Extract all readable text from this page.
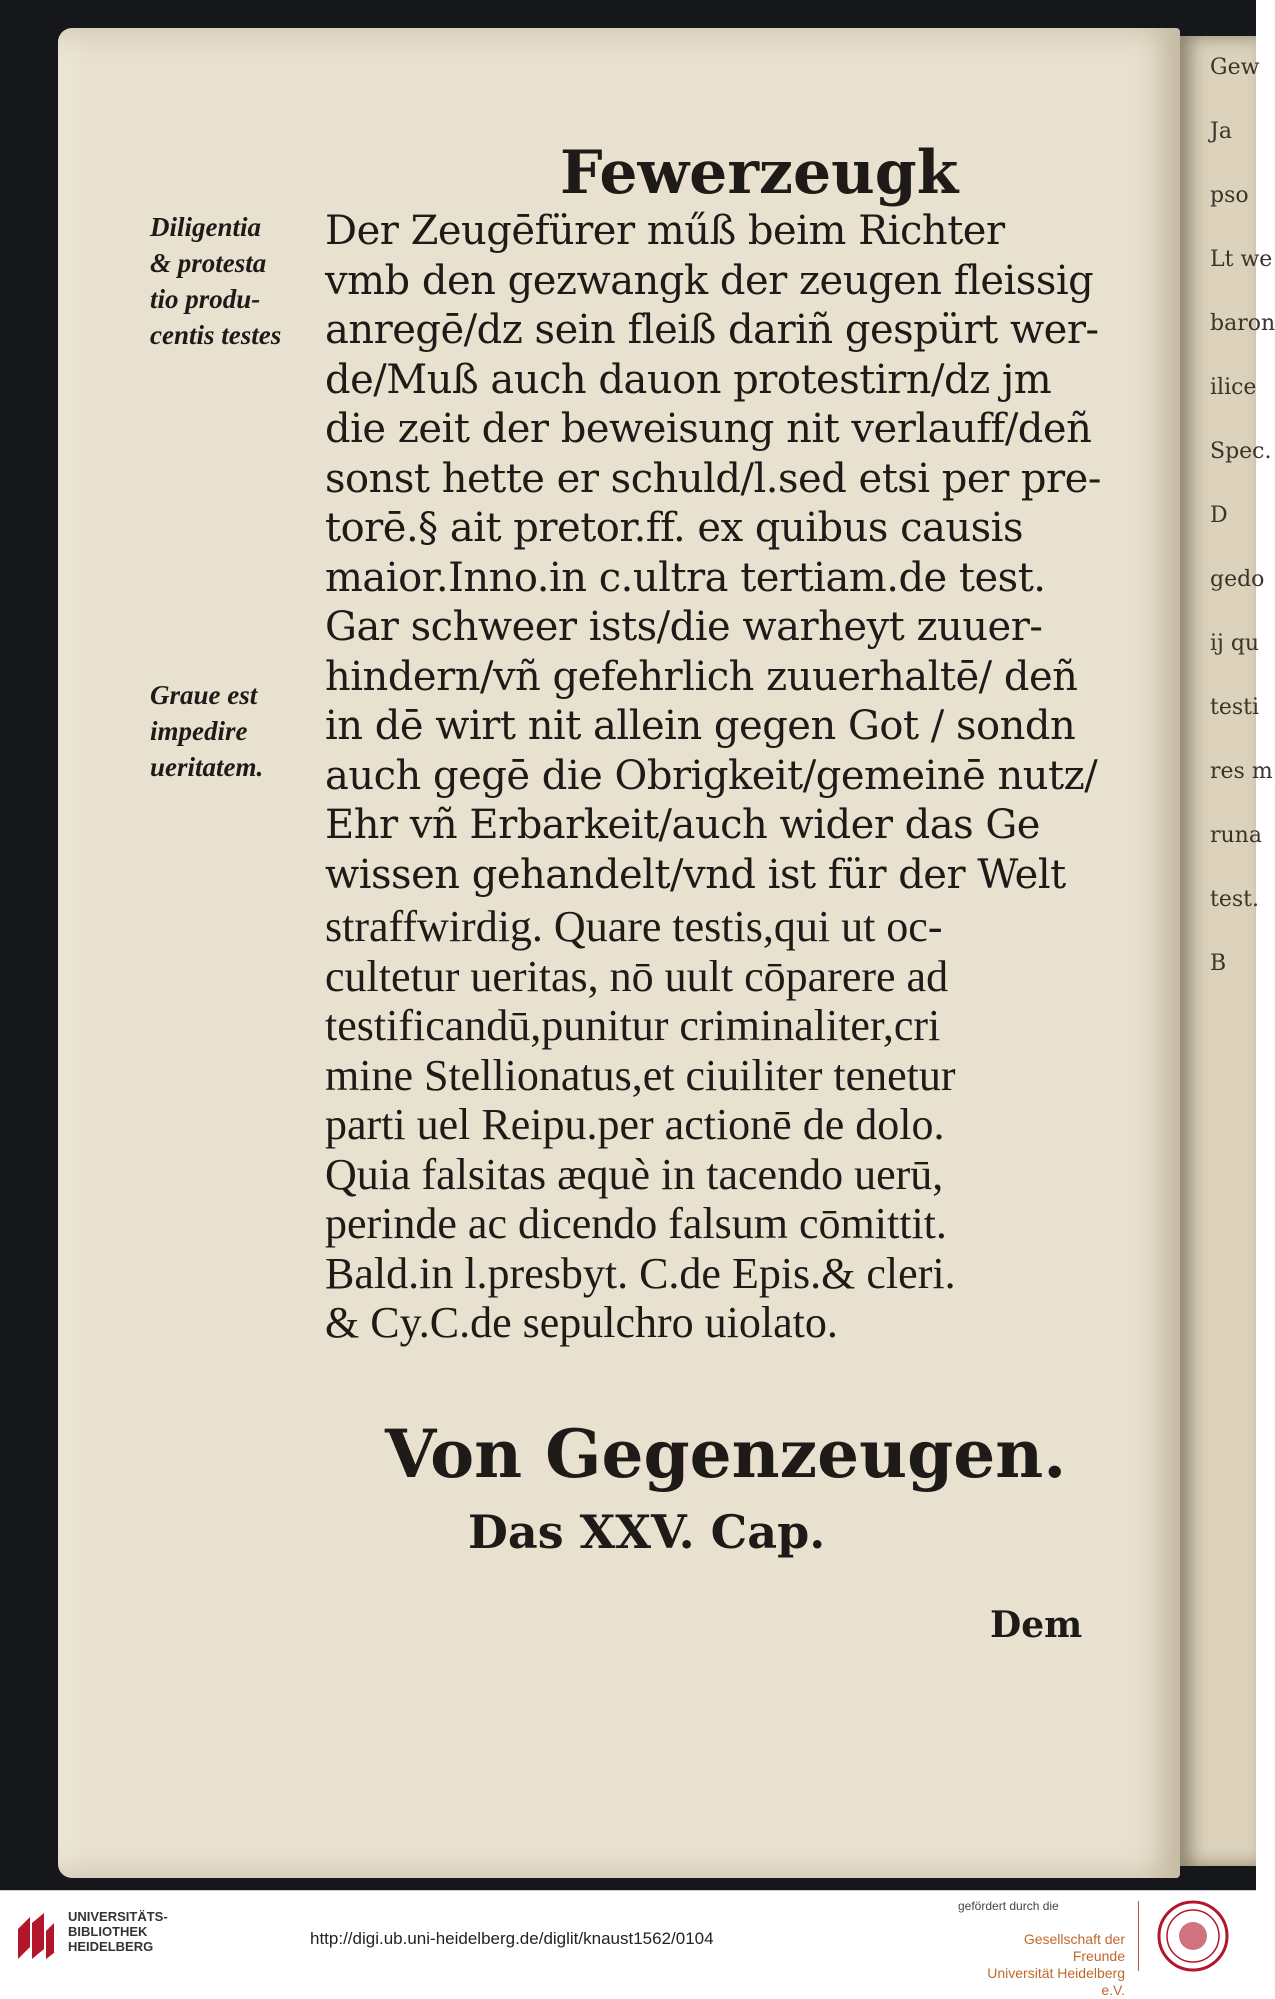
Gew
Ja
pso
Lt we
baron
ilice
Spec.
D
gedo
ij qu
testi
res m
runa
test.
B
Fewerzeugk
Diligentia
& protesta
tio produ-
centis testes
Graue est
impedire
ueritatem.
Der Zeugēfürer műß beim Richter
vmb den gezwangk der zeugen fleissig
anregē/dz sein fleiß dariñ gespürt wer-
de/Muß auch dauon protestirn/dz jm
die zeit der beweisung nit verlauff/deñ
sonst hette er schuld/l.sed etsi per pre-
torē.§ ait pretor.ff. ex quibus causis
maior.Inno.in c.ultra tertiam.de test.
Gar schweer ists/die warheyt zuuer-
hindern/vñ gefehrlich zuuerhaltē/ deñ
in dē wirt nit allein gegen Got / sondn
auch gegē die Obrigkeit/gemeinē nutz/
Ehr vñ Erbarkeit/auch wider das Ge
wissen gehandelt/vnd ist für der Welt
straffwirdig. Quare testis,qui ut oc-
cultetur ueritas, nō uult cōparere ad
testificandū,punitur criminaliter,cri
mine Stellionatus,et ciuiliter tenetur
parti uel Reipu.per actionē de dolo.
Quia falsitas æquè in tacendo uerū,
perinde ac dicendo falsum cōmittit.
Bald.in l.presbyt. C.de Epis.& cleri.
& Cy.C.de sepulchro uiolato.
Von Gegenzeugen.
Das XXV. Cap.
Dem
UNIVERSITÄTS-
BIBLIOTHEK
HEIDELBERG	http://digi.ub.uni-heidelberg.de/diglit/knaust1562/0104
gefördert durch die
Gesellschaft der Freunde
Universität Heidelberg e.V.
